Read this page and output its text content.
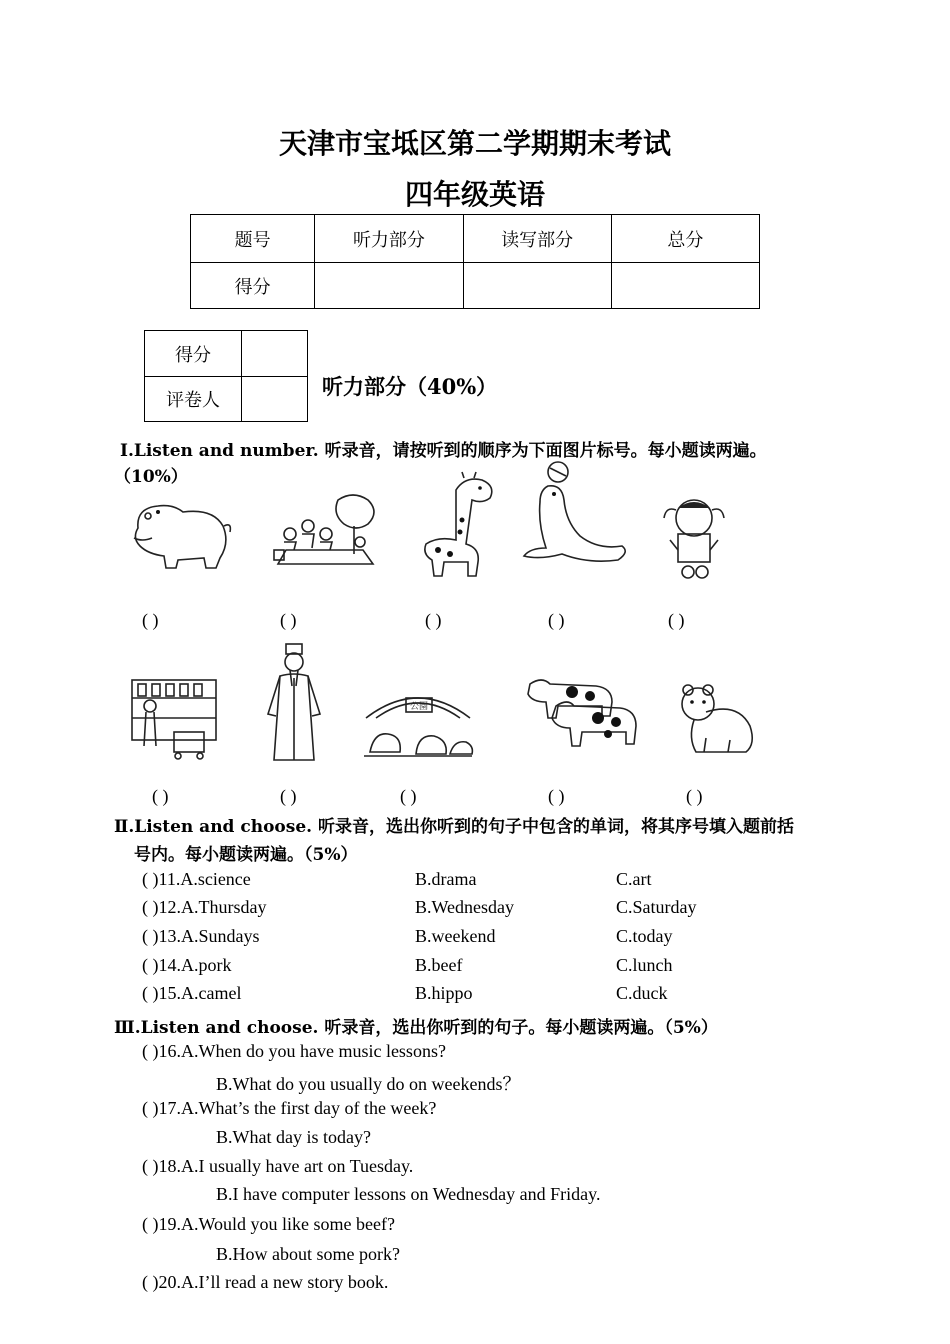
天津市宝坻区第二学期期末考试
四年级英语
题号	听力部分	读写部分	总分
得分			
得分	
评卷人	
听力部分（40%）
Ⅰ.Listen and number. 听录音，请按听到的顺序为下面图片标号。每小题读两遍。
（10%）
( )	( )	( )	( )	( )
公園
( )	( )	( )	( )	( )
Ⅱ.Listen and choose. 听录音，选出你听到的句子中包含的单词，将其序号填入题前括
号内。每小题读两遍。（5%）
( )11.A.science	B.drama	C.art
( )12.A.Thursday	B.Wednesday	C.Saturday
( )13.A.Sundays	B.weekend	C.today
( )14.A.pork	B.beef	C.lunch
( )15.A.camel	B.hippo	C.duck
Ⅲ.Listen and choose. 听录音，选出你听到的句子。每小题读两遍。（5%）
( )16.A.When do you have music lessons?
B.What do you usually do on weekends？
( )17.A.What’s the first day of the week?
B.What day is today?
( )18.A.I usually have art on Tuesday.
B.I have computer lessons on Wednesday and Friday.
( )19.A.Would you like some beef?
B.How about some pork?
( )20.A.I’ll read a new story book.
